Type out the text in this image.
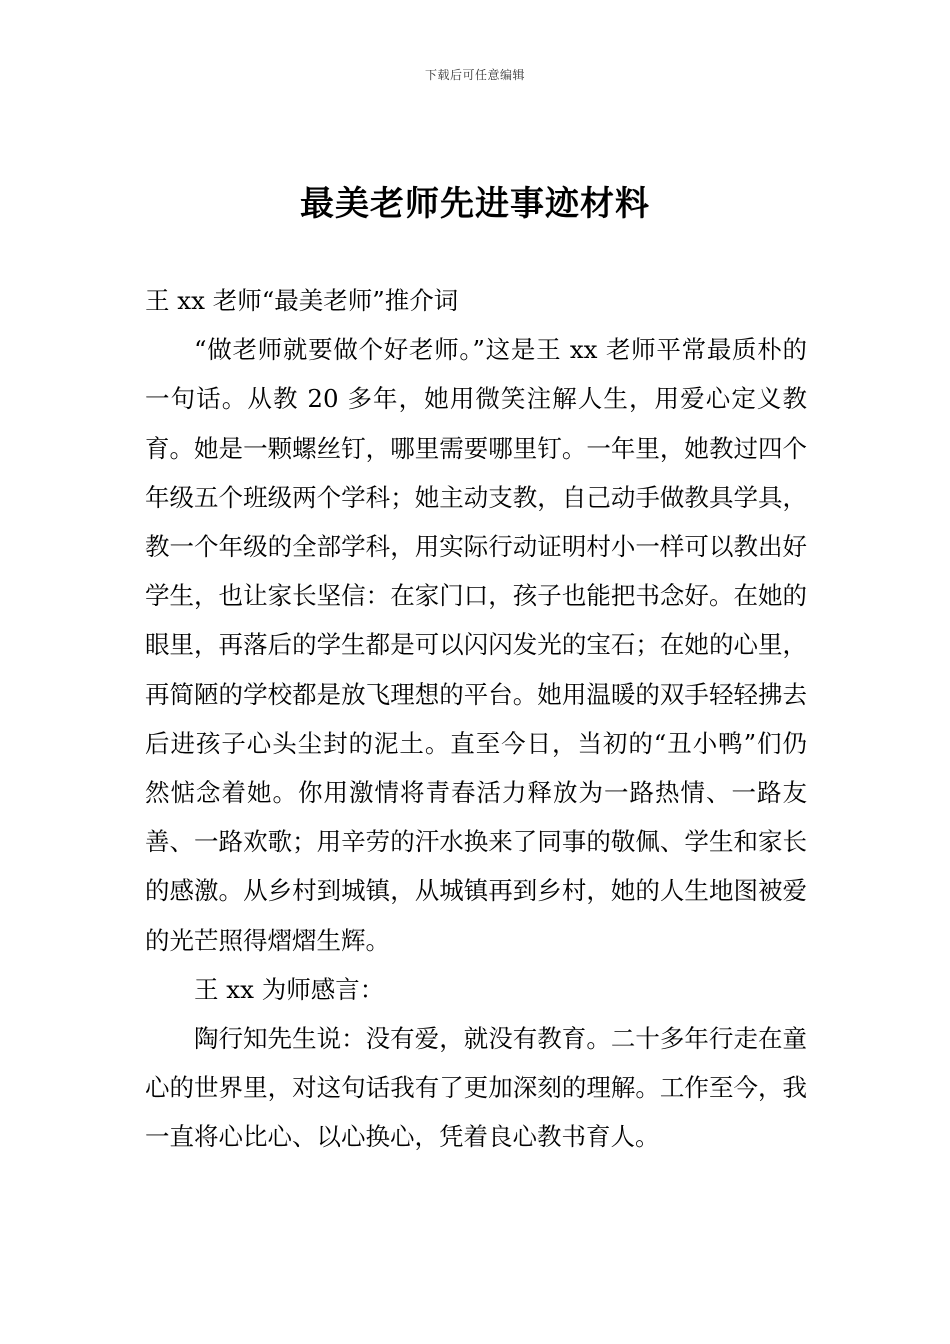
下载后可任意编辑
最美老师先进事迹材料

王 xx 老师“最美老师”推介词

“做老师就要做个好老师。”这是王 xx 老师平常最质朴的一句话。从教 20 多年，她用微笑注解人生，用爱心定义教育。她是一颗螺丝钉，哪里需要哪里钉。一年里，她教过四个年级五个班级两个学科；她主动支教，自己动手做教具学具，教一个年级的全部学科，用实际行动证明村小一样可以教出好学生，也让家长坚信：在家门口，孩子也能把书念好。在她的眼里，再落后的学生都是可以闪闪发光的宝石；在她的心里，再简陋的学校都是放飞理想的平台。她用温暖的双手轻轻拂去后进孩子心头尘封的泥土。直至今日，当初的“丑小鸭”们仍然惦念着她。你用激情将青春活力释放为一路热情、一路友善、一路欢歌；用辛劳的汗水换来了同事的敬佩、学生和家长的感激。从乡村到城镇，从城镇再到乡村，她的人生地图被爱的光芒照得熠熠生辉。

王 xx 为师感言：

陶行知先生说：没有爱，就没有教育。二十多年行走在童心的世界里，对这句话我有了更加深刻的理解。工作至今，我一直将心比心、以心换心，凭着良心教书育人。
